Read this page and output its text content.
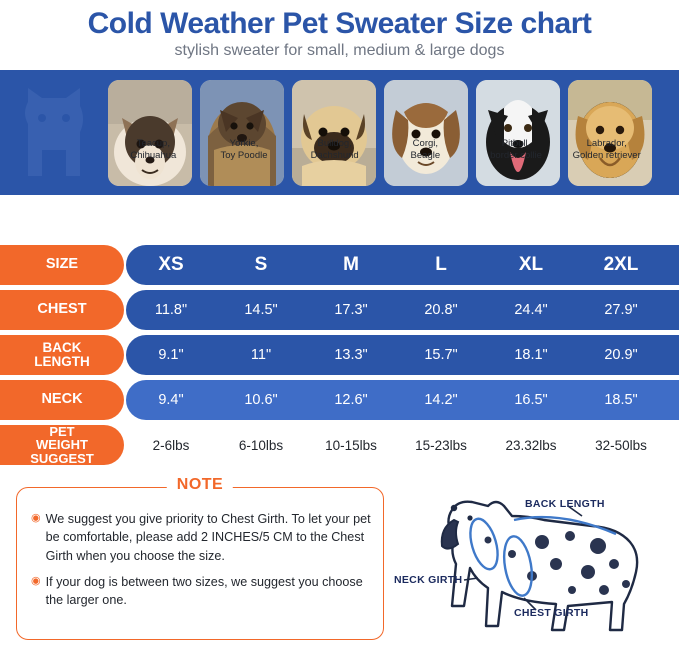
Cold Weather Pet Sweater Size chart
stylish sweater for small, medium & large dogs
Teacup,
Chihuahua
Yorkie,
Toy Poodle
Bulldog,
Dachshund
Corgi,
Beagle
Pitbull,
border collie
Labrador,
Golden retriever
SIZE	XS	S	M	L	XL	2XL
CHEST	11.8"	14.5"	17.3"	20.8"	24.4"	27.9"
BACK
LENGTH	9.1"	11"	13.3"	15.7"	18.1"	20.9"
NECK	9.4"	10.6"	12.6"	14.2"	16.5"	18.5"
PET
WEIGHT
SUGGEST
2-6lbs	6-10lbs	10-15lbs	15-23lbs	23.32lbs	32-50lbs
NOTE
◉ We suggest you give priority to Chest Girth. To let your pet be comfortable, please add 2 INCHES/5 CM to the Chest Girth when you choose the size.
◉ If your dog is between two sizes, we suggest you choose the larger one.
BACK LENGTH
NECK GIRTH
CHEST GIRTH
